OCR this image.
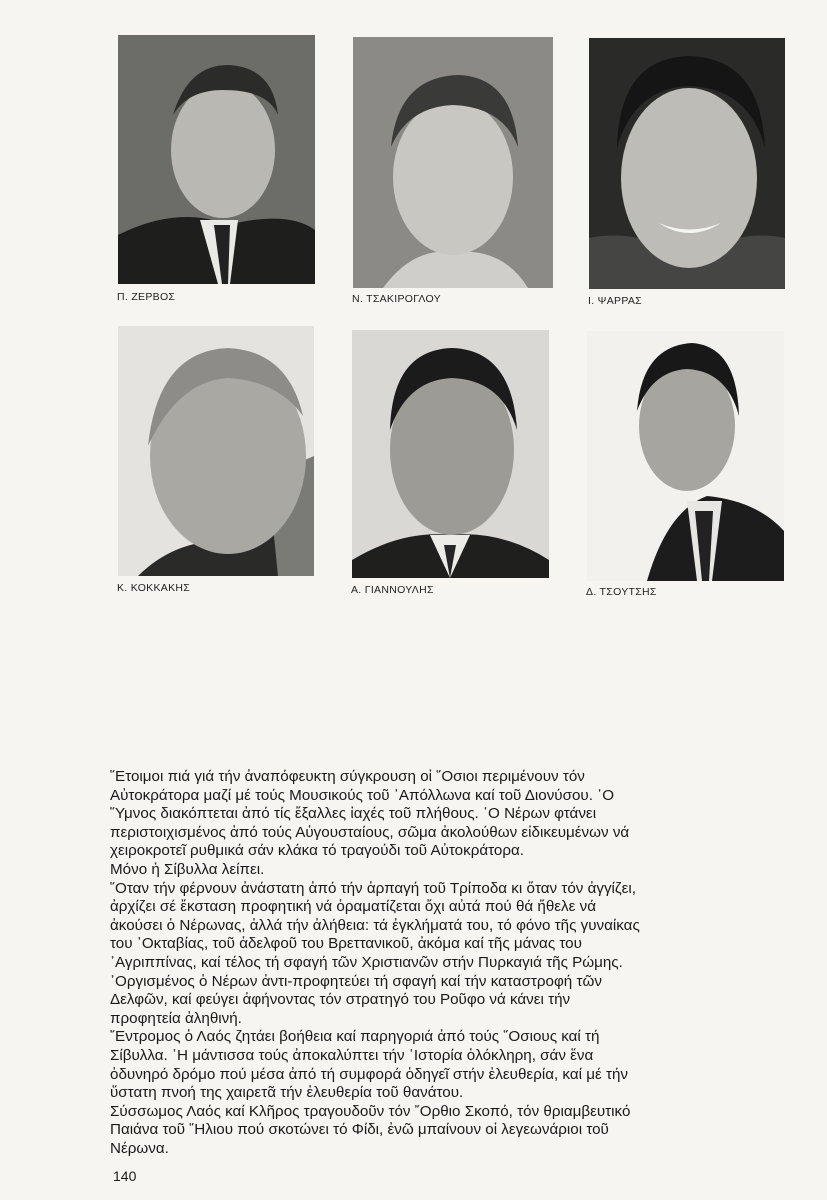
Π. ΖΕΡΒΟΣ	Ν. ΤΣΑΚΙΡΟΓΛΟΥ	Ι. ΨΑΡΡΑΣ
Κ. ΚΟΚΚΑΚΗΣ	Α. ΓΙΑΝΝΟΥΛΗΣ	Δ. ΤΣΟΥΤΣΗΣ

῞Ετοιμοι πιά γιά τήν ἀναπόφευκτη σύγκρουση οἱ ῞Οσιοι περιμένουν τόν

Αὐτοκράτορα μαζί μέ τούς Μουσικούς τοῦ ᾿Απόλλωνα καί τοῦ Διονύσου. ῾Ο

῞Υμνος διακόπτεται ἀπό τίς ἔξαλλες ἰαχές τοῦ πλήθους. ῾Ο Νέρων φτάνει

περιστοιχισμένος ἀπό τούς Αὐγουσταίους, σῶμα ἀκολούθων εἰδικευμένων νά

χειροκροτεῖ ρυθμικά σάν κλάκα τό τραγούδι τοῦ Αὐτοκράτορα.

Μόνο ἡ Σίβυλλα λείπει.

῞Οταν τήν φέρνουν ἀνάστατη ἀπό τήν ἁρπαγή τοῦ Τρίποδα κι ὅταν τόν ἀγγίζει,

ἀρχίζει σέ ἔκσταση προφητική νά ὁραματίζεται ὄχι αὐτά πού θά ἤθελε νά

ἀκούσει ὁ Νέρωνας, ἀλλά τήν ἀλήθεια: τά ἐγκλήματά του, τό φόνο τῆς γυναίκας

του ᾿Οκταβίας, τοῦ ἀδελφοῦ του Βρεττανικοῦ, ἀκόμα καί τῆς μάνας του

᾿Αγριππίνας, καί τέλος τή σφαγή τῶν Χριστιανῶν στήν Πυρκαγιά τῆς Ρώμης.

᾿Οργισμένος ὁ Νέρων ἀντι-προφητεύει τή σφαγή καί τήν καταστροφή τῶν

Δελφῶν, καί φεύγει ἀφήνοντας τόν στρατηγό του Ροῦφο νά κάνει τήν

προφητεία ἀληθινή.

῎Εντρομος ὁ Λαός ζητάει βοήθεια καί παρηγοριά ἀπό τούς ῞Οσιους καί τή

Σίβυλλα. ῾Η μάντισσα τούς ἀποκαλύπτει τήν ῾Ιστορία ὁλόκληρη, σάν ἕνα

ὀδυνηρό δρόμο πού μέσα ἀπό τή συμφορά ὁδηγεῖ στήν ἐλευθερία, καί μέ τήν

ὕστατη πνοή της χαιρετᾶ τήν ἐλευθερία τοῦ θανάτου.

Σύσσωμος Λαός καί Κλῆρος τραγουδοῦν τόν ῎Ορθιο Σκοπό, τόν θριαμβευτικό

Παιάνα τοῦ ῞Ηλιου πού σκοτώνει τό Φίδι, ἐνῶ μπαίνουν οἱ λεγεωνάριοι τοῦ

Νέρωνα.

140
